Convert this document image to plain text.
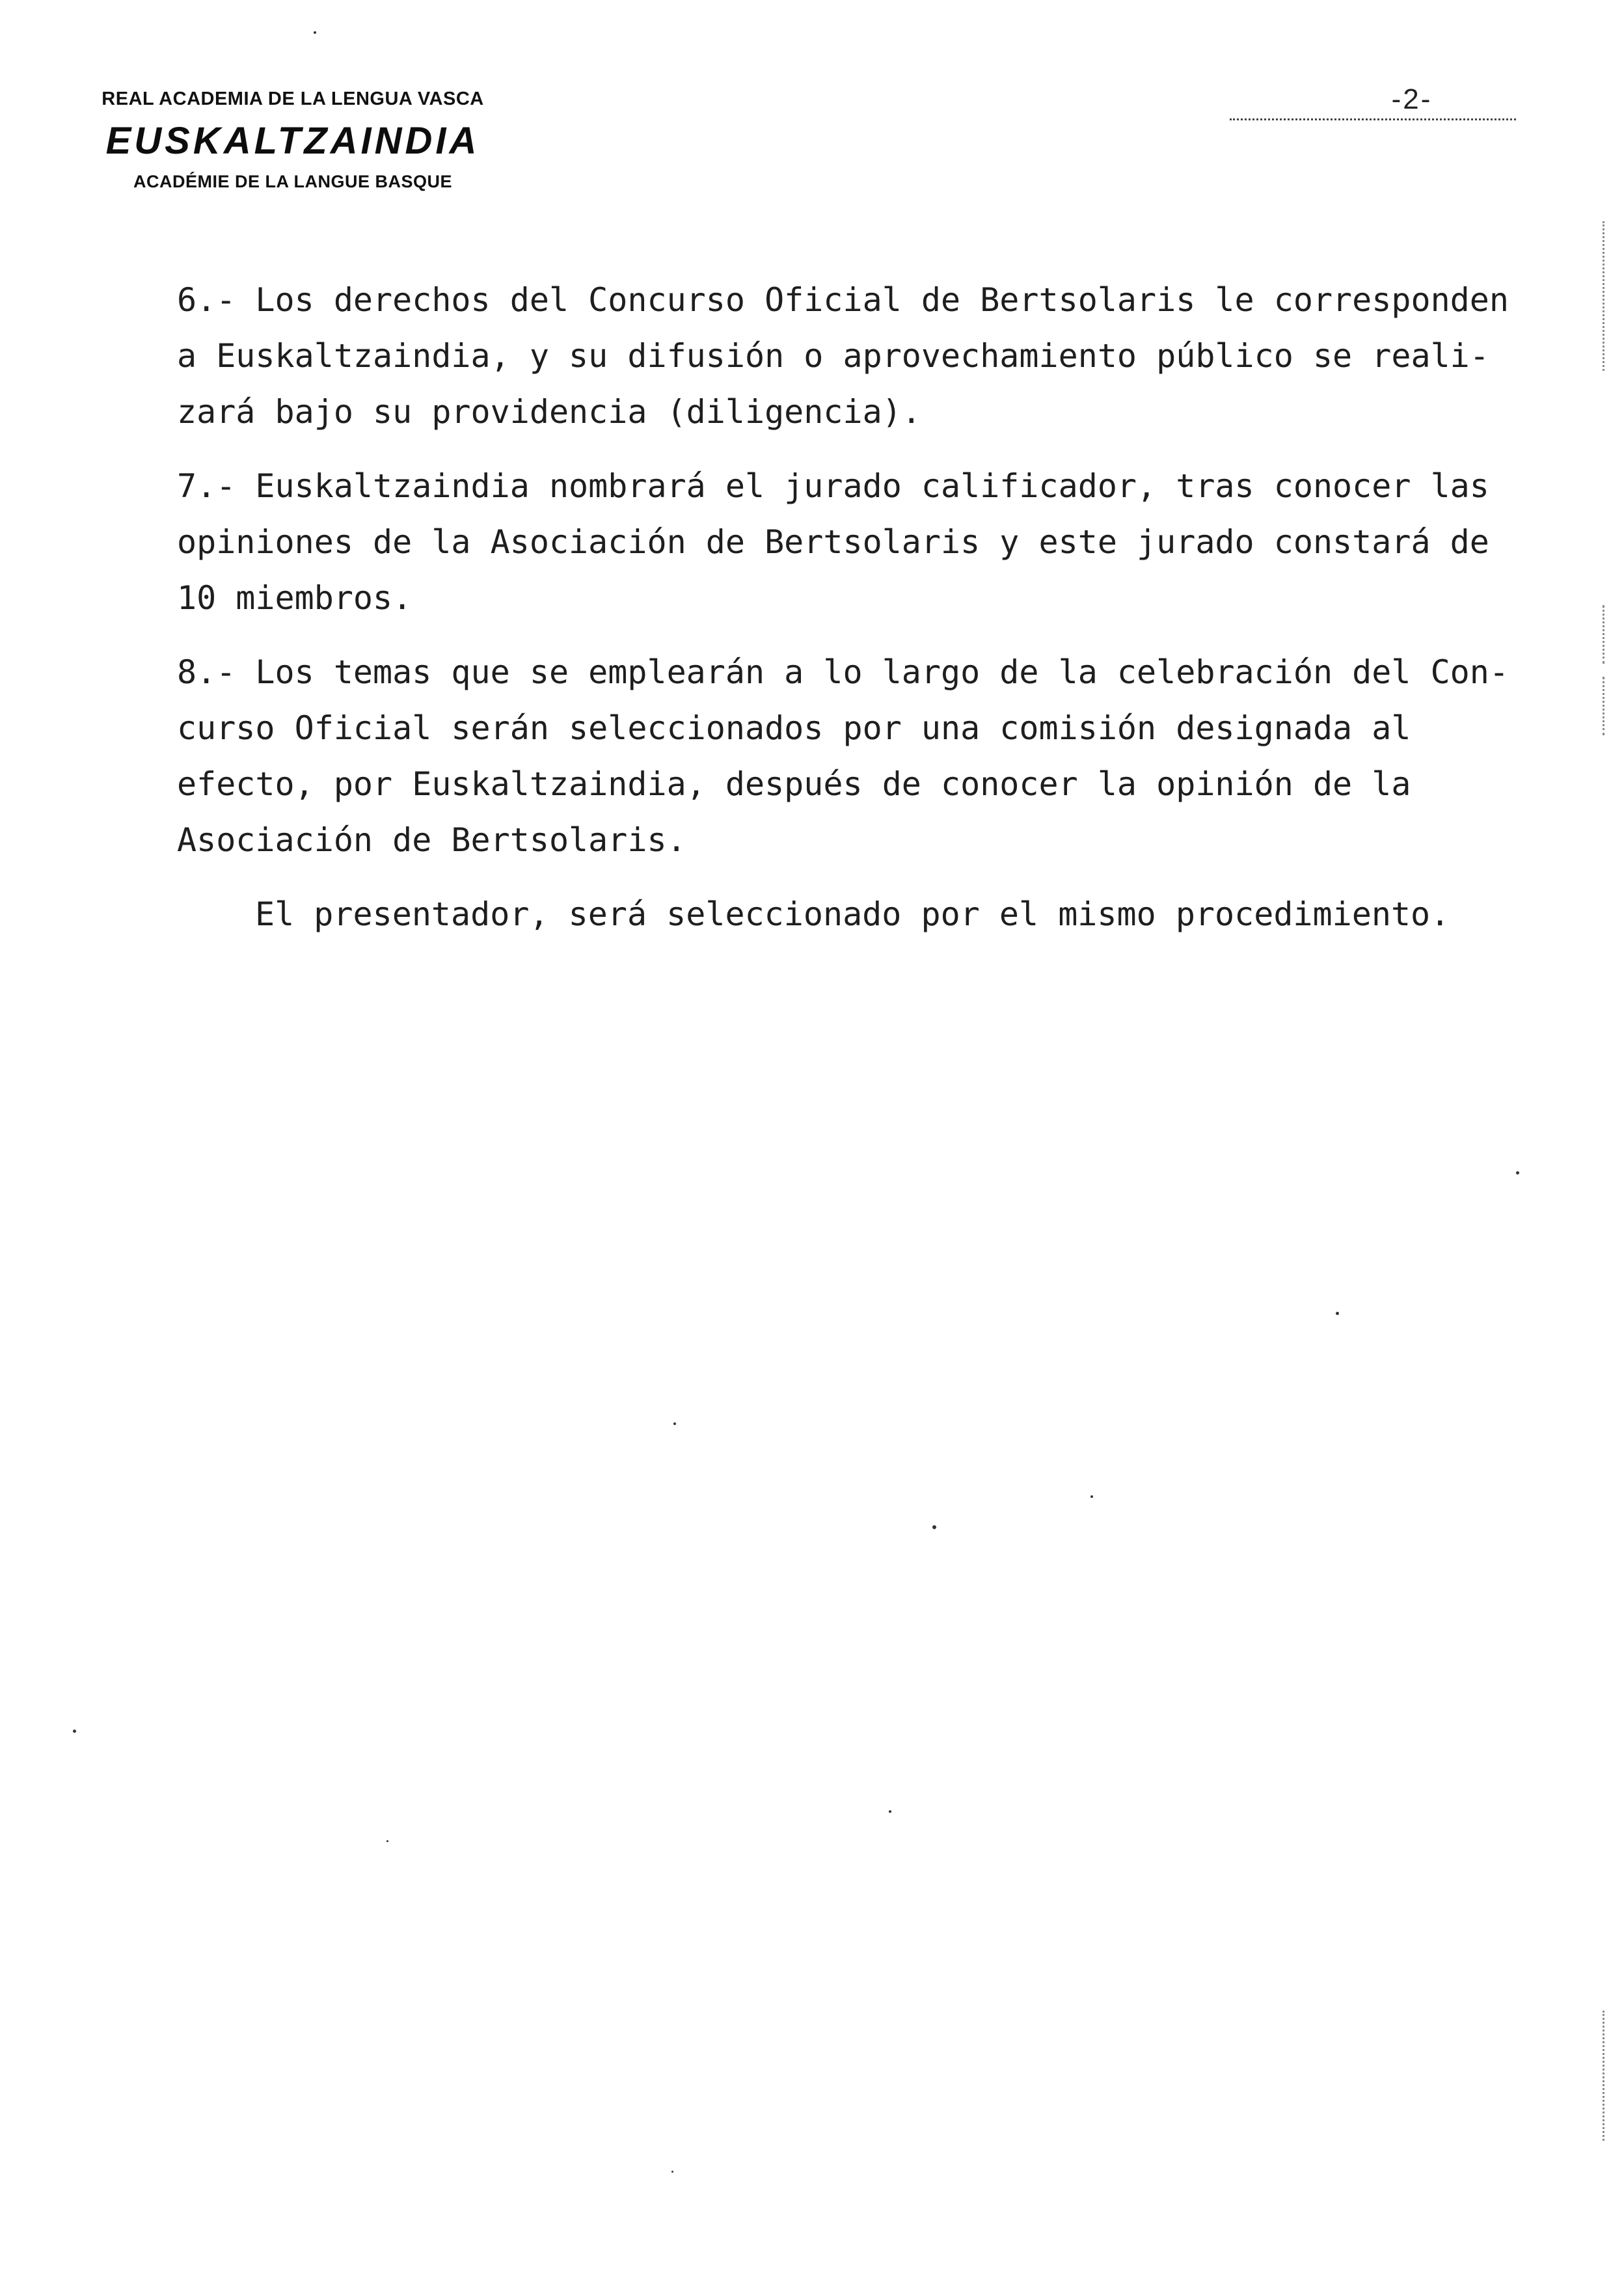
REAL ACADEMIA DE LA LENGUA VASCA
EUSKALTZAINDIA
ACADÉMIE DE LA LANGUE BASQUE
-2-
6.- Los derechos del Concurso Oficial de Bertsolaris le corresponden
a Euskaltzaindia, y su difusión o aprovechamiento público se reali-
zará bajo su providencia (diligencia).
7.- Euskaltzaindia nombrará el jurado calificador, tras conocer las
opiniones de la Asociación de Bertsolaris y este jurado constará de
10 miembros.
8.- Los temas que se emplearán a lo largo de la celebración del Con-
curso Oficial serán seleccionados por una comisión designada al
efecto, por Euskaltzaindia, después de conocer la opinión de la
Asociación de Bertsolaris.
El presentador, será seleccionado por el mismo procedimiento.
